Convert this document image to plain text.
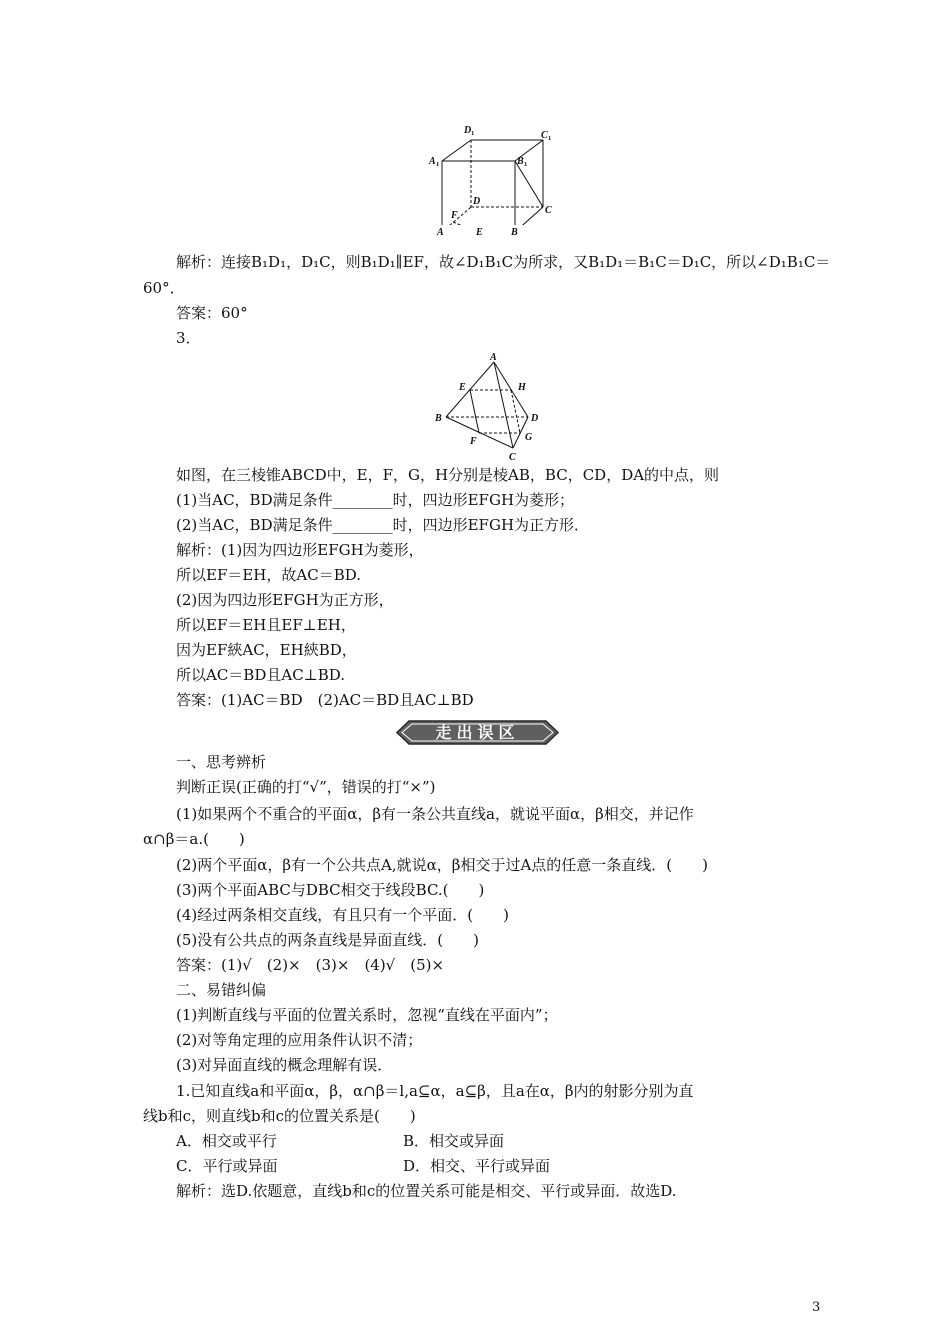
D 1	C 1
A 1	B 1
D
C
F
A	E	B
A
E	H
B	D
F	G
C
解析：连接B₁D₁，D₁C，则B₁D₁∥EF，故∠D₁B₁C为所求，又B₁D₁＝B₁C＝D₁C，所以∠D₁B₁C＝
60°．
答案：60°
3．
如图，在三棱锥ABCD中，E，F，G，H分别是棱AB，BC，CD，DA的中点，则
(1)当AC，BD满足条件________时，四边形EFGH为菱形；
(2)当AC，BD满足条件________时，四边形EFGH为正方形．
解析：(1)因为四边形EFGH为菱形，
所以EF＝EH，故AC＝BD.
(2)因为四边形EFGH为正方形，
所以EF＝EH且EF⊥EH，
因为EF綊AC，EH綊BD，
所以AC＝BD且AC⊥BD.
答案：(1)AC＝BD　(2)AC＝BD且AC⊥BD
走出误区
一、思考辨析
判断正误(正确的打“√”，错误的打“×”)
(1)如果两个不重合的平面α，β有一条公共直线a，就说平面α，β相交，并记作
α∩β＝a.(　　)
(2)两个平面α，β有一个公共点A,就说α，β相交于过A点的任意一条直线．(　　)
(3)两个平面ABC与DBC相交于线段BC.(　　)
(4)经过两条相交直线，有且只有一个平面．(　　)
(5)没有公共点的两条直线是异面直线．(　　)
答案：(1)√　(2)×　(3)×　(4)√　(5)×
二、易错纠偏
(1)判断直线与平面的位置关系时，忽视“直线在平面内”；
(2)对等角定理的应用条件认识不清；
(3)对异面直线的概念理解有误．
1.已知直线a和平面α，β，α∩β＝l,a⊆α，a⊆β，且a在α，β内的射影分别为直
线b和c，则直线b和c的位置关系是(　　)
A．相交或平行	B．相交或异面
C．平行或异面	D．相交、平行或异面
解析：选D.依题意，直线b和c的位置关系可能是相交、平行或异面．故选D.
3
